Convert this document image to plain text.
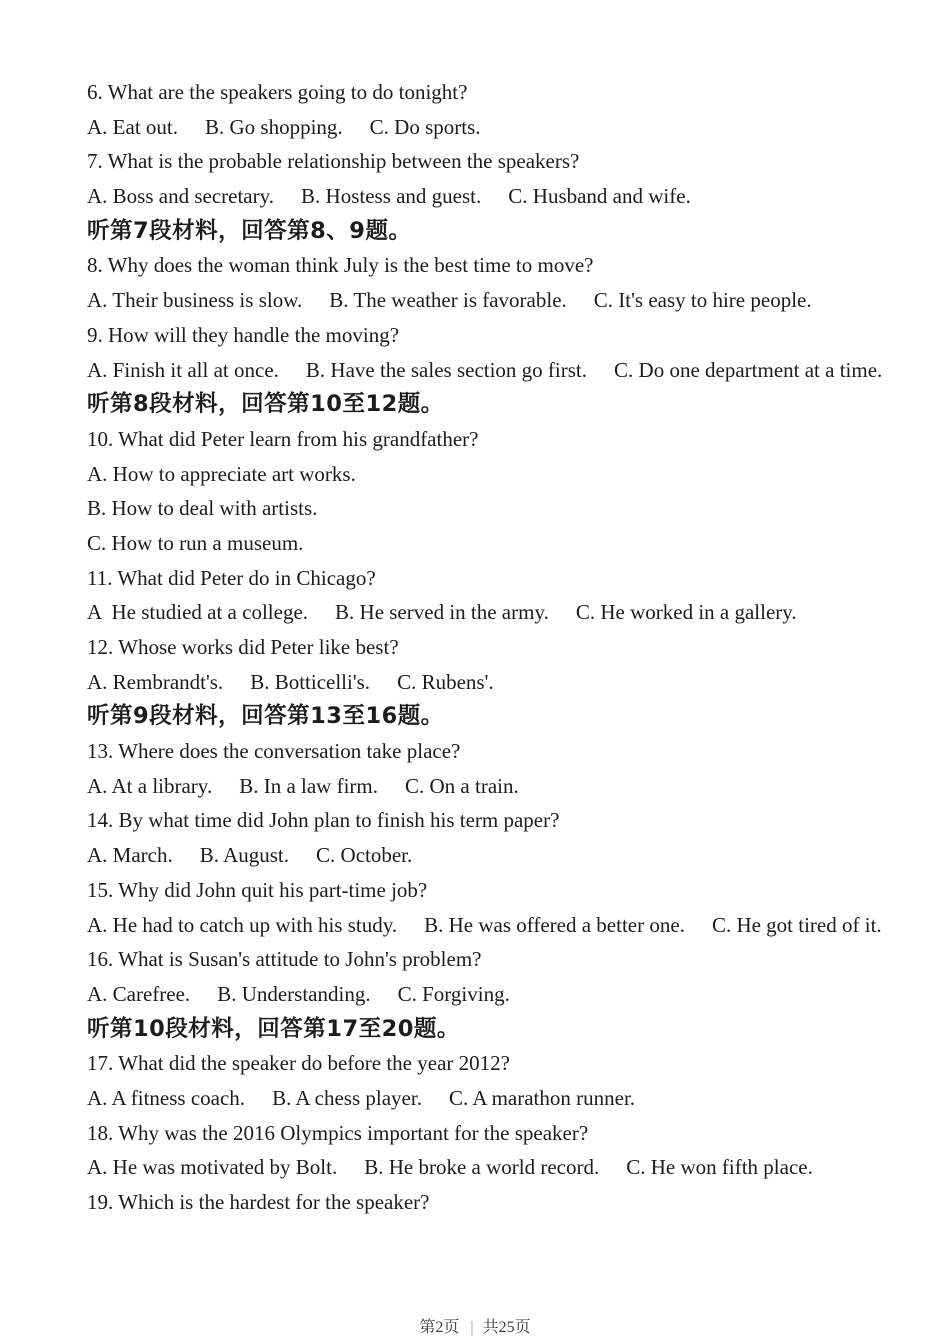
6. What are the speakers going to do tonight?
A. Eat out. B. Go shopping. C. Do sports.
7. What is the probable relationship between the speakers?
A. Boss and secretary. B. Hostess and guest. C. Husband and wife.
听第7段材料，回答第8、9题。
8. Why does the woman think July is the best time to move?
A. Their business is slow. B. The weather is favorable. C. It's easy to hire people.
9. How will they handle the moving?
A. Finish it all at once. B. Have the sales section go first. C. Do one department at a time.
听第8段材料，回答第10至12题。
10. What did Peter learn from his grandfather?
A. How to appreciate art works.
B. How to deal with artists.
C. How to run a museum.
11. What did Peter do in Chicago?
A  He studied at a college. B. He served in the army. C. He worked in a gallery.
12. Whose works did Peter like best?
A. Rembrandt's. B. Botticelli's. C. Rubens'.
听第9段材料，回答第13至16题。
13. Where does the conversation take place?
A. At a library. B. In a law firm. C. On a train.
14. By what time did John plan to finish his term paper?
A. March. B. August. C. October.
15. Why did John quit his part-time job?
A. He had to catch up with his study. B. He was offered a better one. C. He got tired of it.
16. What is Susan's attitude to John's problem?
A. Carefree. B. Understanding. C. Forgiving.
听第10段材料，回答第17至20题。
17. What did the speaker do before the year 2012?
A. A fitness coach. B. A chess player. C. A marathon runner.
18. Why was the 2016 Olympics important for the speaker?
A. He was motivated by Bolt. B. He broke a world record. C. He won fifth place.
19. Which is the hardest for the speaker?
第2页 | 共25页
